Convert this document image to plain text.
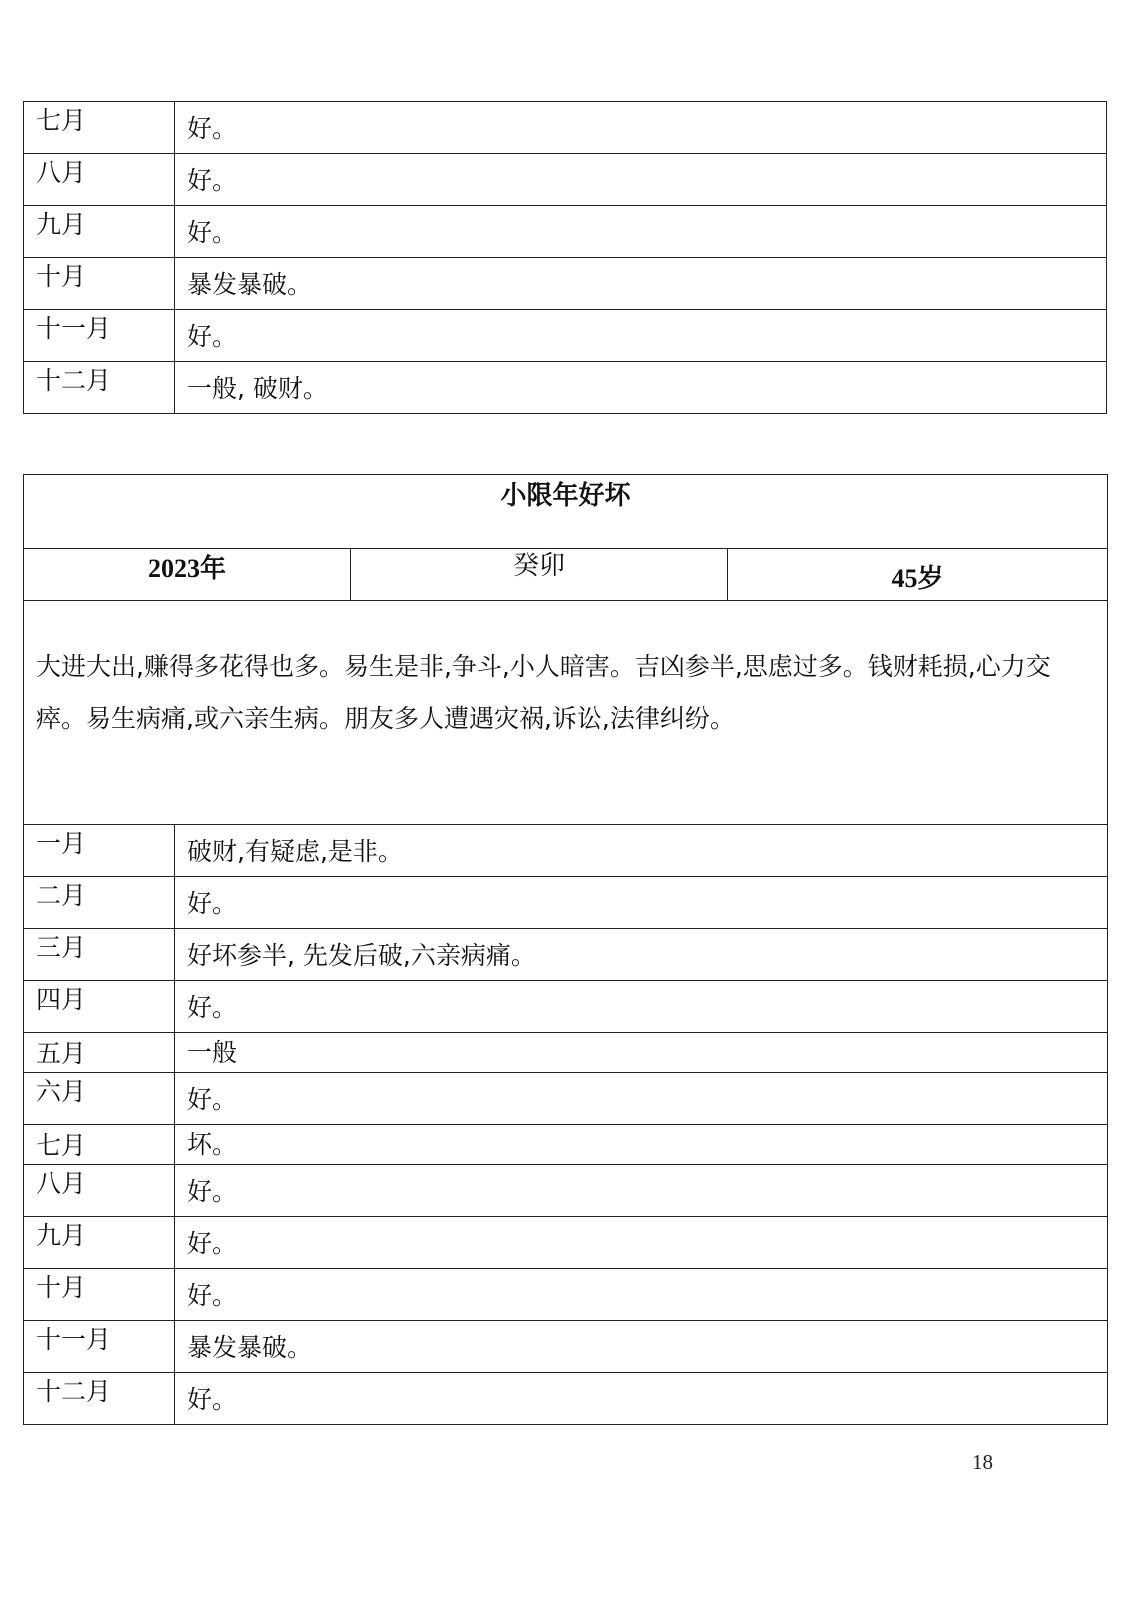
七月	好。
八月	好。
九月	好。
十月	暴发暴破。
十一月	好。
十二月	一般, 破财。
小限年好坏			
2023年		癸卯	45岁
大进大出,赚得多花得也多。易生是非,争斗,小人暗害。吉凶参半,思虑过多。钱财耗损,心力交瘁。易生病痛,或六亲生病。朋友多人遭遇灾祸,诉讼,法律纠纷。			
一月	破财,有疑虑,是非。		
二月	好。		
三月	好坏参半, 先发后破,六亲病痛。		
四月	好。		
五月	一般		
六月	好。		
七月	坏。		
八月	好。		
九月	好。		
十月	好。		
十一月	暴发暴破。		
十二月	好。		
18
